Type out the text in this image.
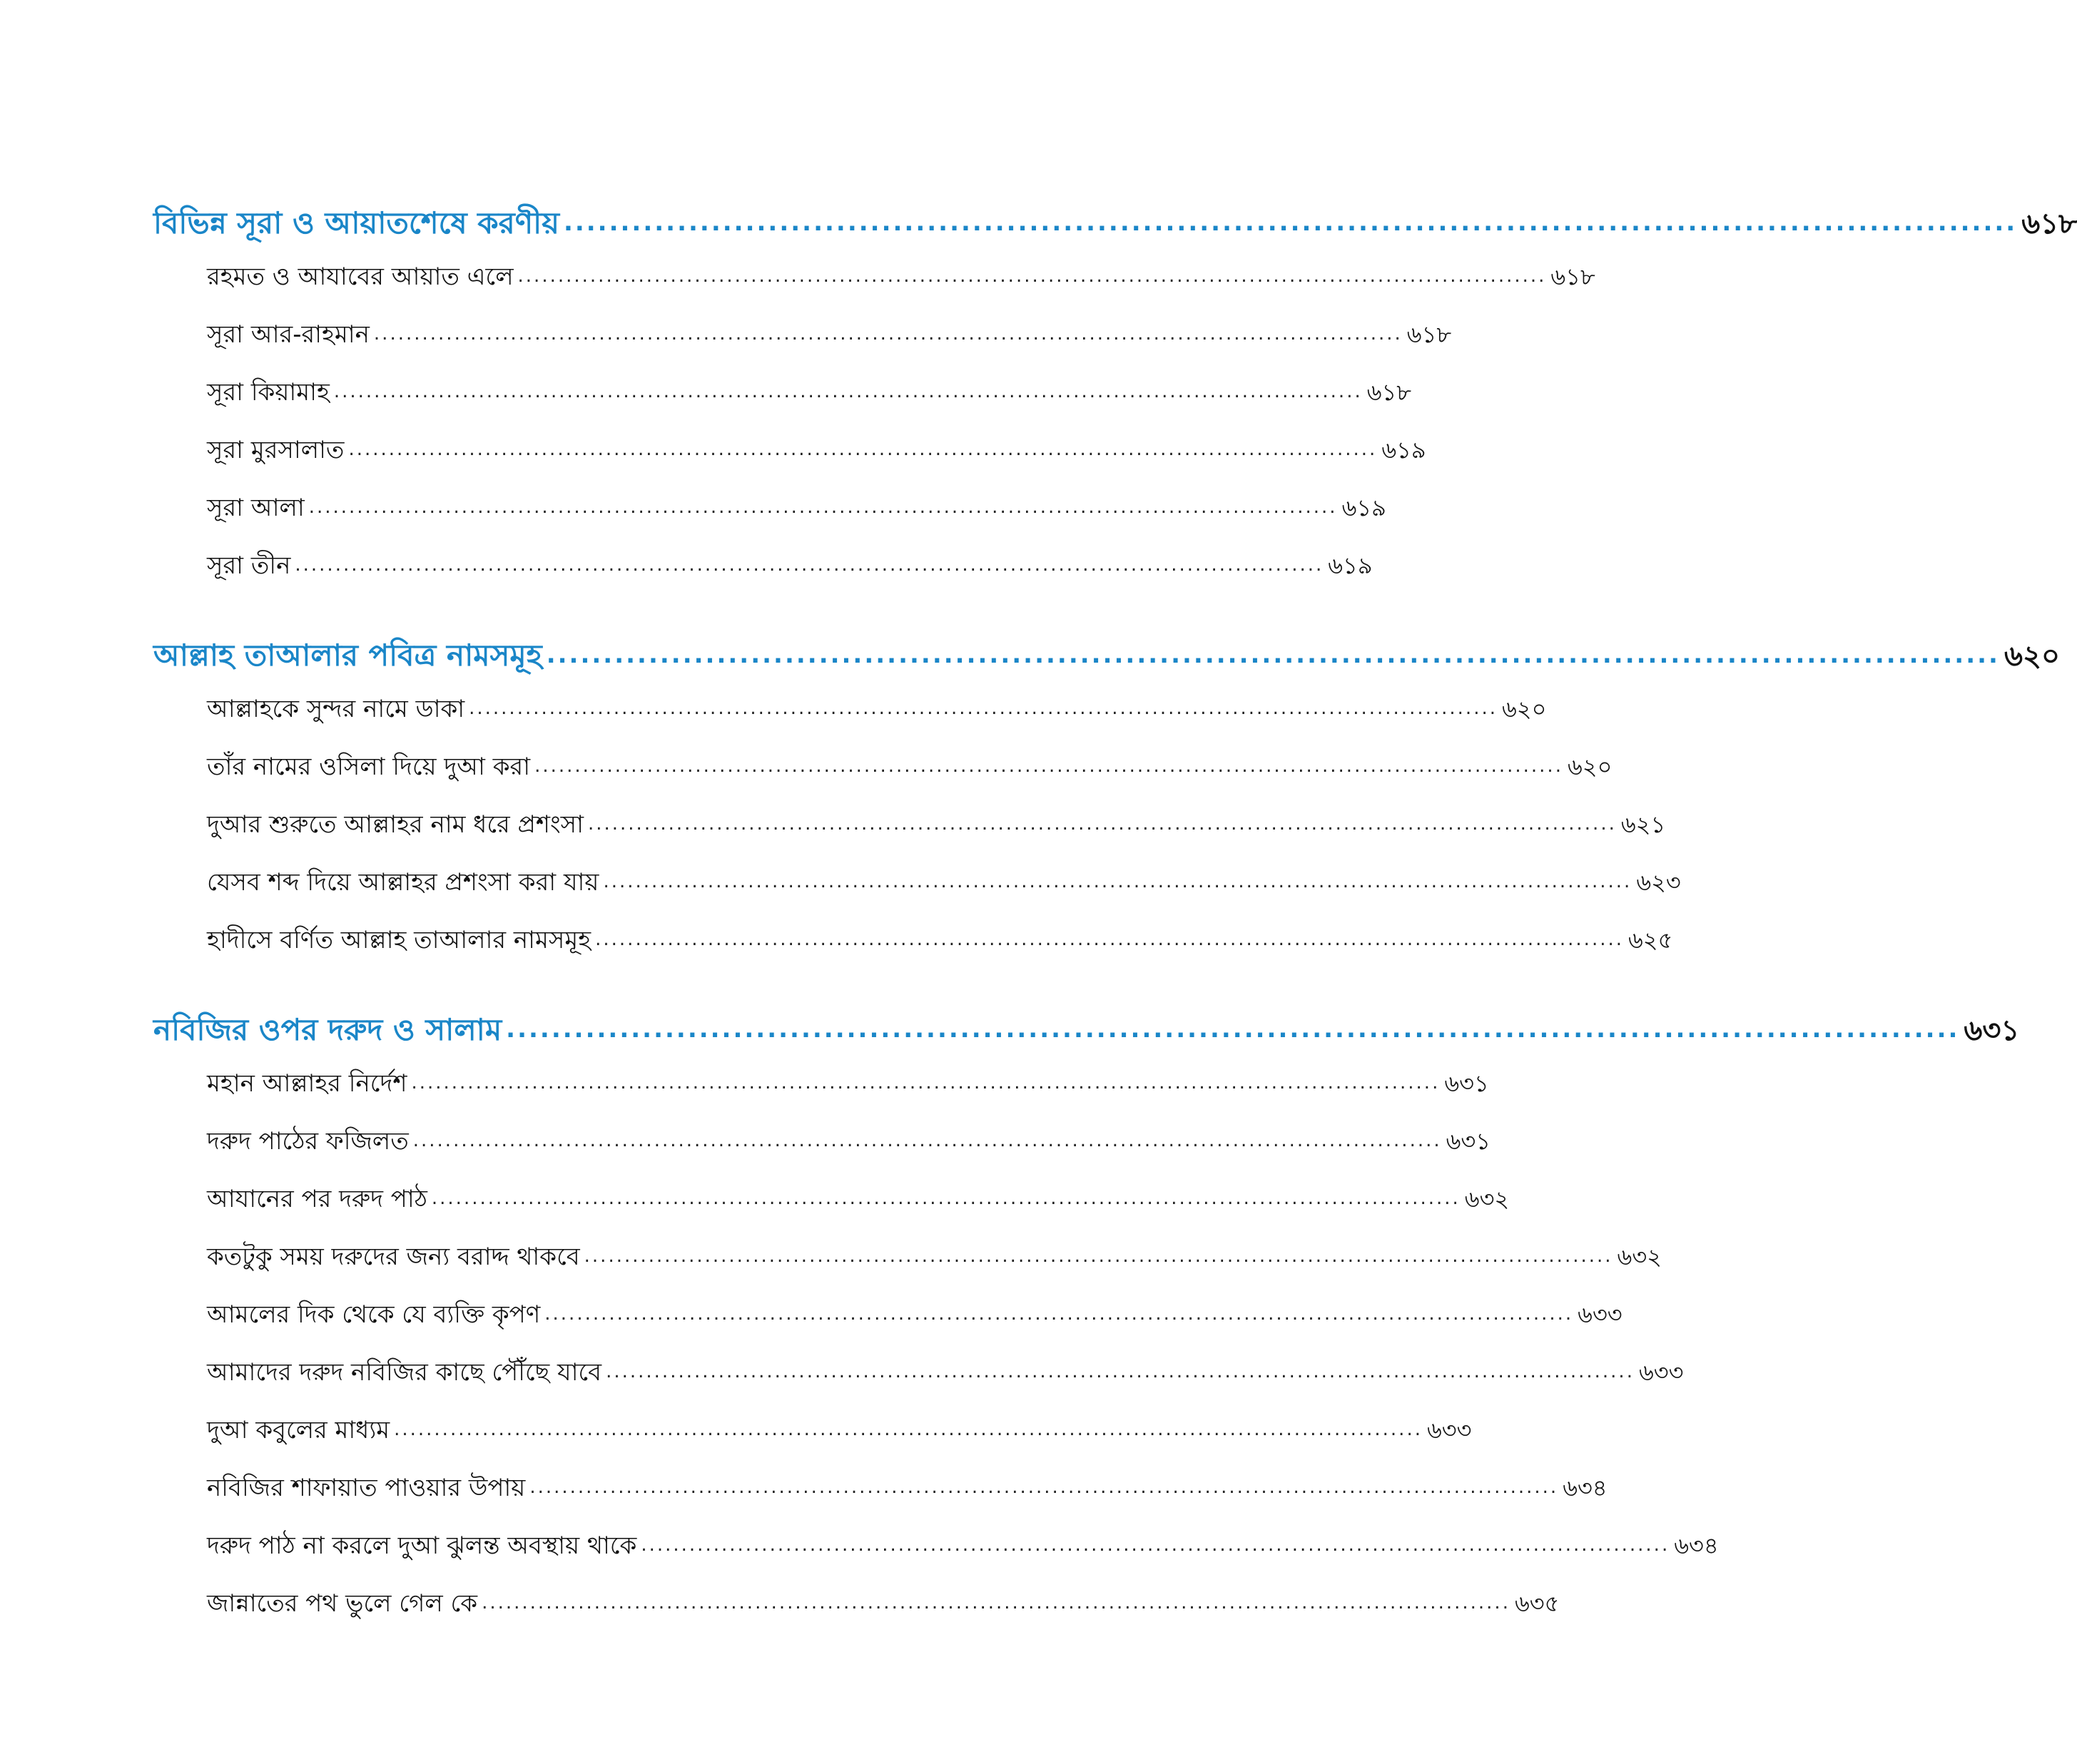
বিভিন্ন সূরা ও আয়াতশেষে করণীয় ................................................................................................................................ ৬১৮
রহমত ও আযাবের আয়াত এলে ................................................................................................................................ ৬১৮
সূরা আর-রাহমান ................................................................................................................................ ৬১৮
সূরা কিয়ামাহ ................................................................................................................................ ৬১৮
সূরা মুরসালাত ................................................................................................................................ ৬১৯
সূরা আলা ................................................................................................................................ ৬১৯
সূরা তীন ................................................................................................................................ ৬১৯
আল্লাহ তাআলার পবিত্র নামসমূহ ................................................................................................................................ ৬২০
আল্লাহকে সুন্দর নামে ডাকা ................................................................................................................................ ৬২০
তাঁর নামের ওসিলা দিয়ে দুআ করা ................................................................................................................................ ৬২০
দুআর শুরুতে আল্লাহর নাম ধরে প্রশংসা ................................................................................................................................ ৬২১
যেসব শব্দ দিয়ে আল্লাহর প্রশংসা করা যায় ................................................................................................................................ ৬২৩
হাদীসে বর্ণিত আল্লাহ তাআলার নামসমূহ ................................................................................................................................ ৬২৫
নবিজির ওপর দরুদ ও সালাম ................................................................................................................................ ৬৩১
মহান আল্লাহর নির্দেশ ................................................................................................................................ ৬৩১
দরুদ পাঠের ফজিলত ................................................................................................................................ ৬৩১
আযানের পর দরুদ পাঠ ................................................................................................................................ ৬৩২
কতটুকু সময় দরুদের জন্য বরাদ্দ থাকবে ................................................................................................................................ ৬৩২
আমলের দিক থেকে যে ব্যক্তি কৃপণ ................................................................................................................................ ৬৩৩
আমাদের দরুদ নবিজির কাছে পৌঁছে যাবে ................................................................................................................................ ৬৩৩
দুআ কবুলের মাধ্যম ................................................................................................................................ ৬৩৩
নবিজির শাফায়াত পাওয়ার উপায় ................................................................................................................................ ৬৩৪
দরুদ পাঠ না করলে দুআ ঝুলন্ত অবস্থায় থাকে ................................................................................................................................ ৬৩৪
জান্নাতের পথ ভুলে গেল কে ................................................................................................................................ ৬৩৫
